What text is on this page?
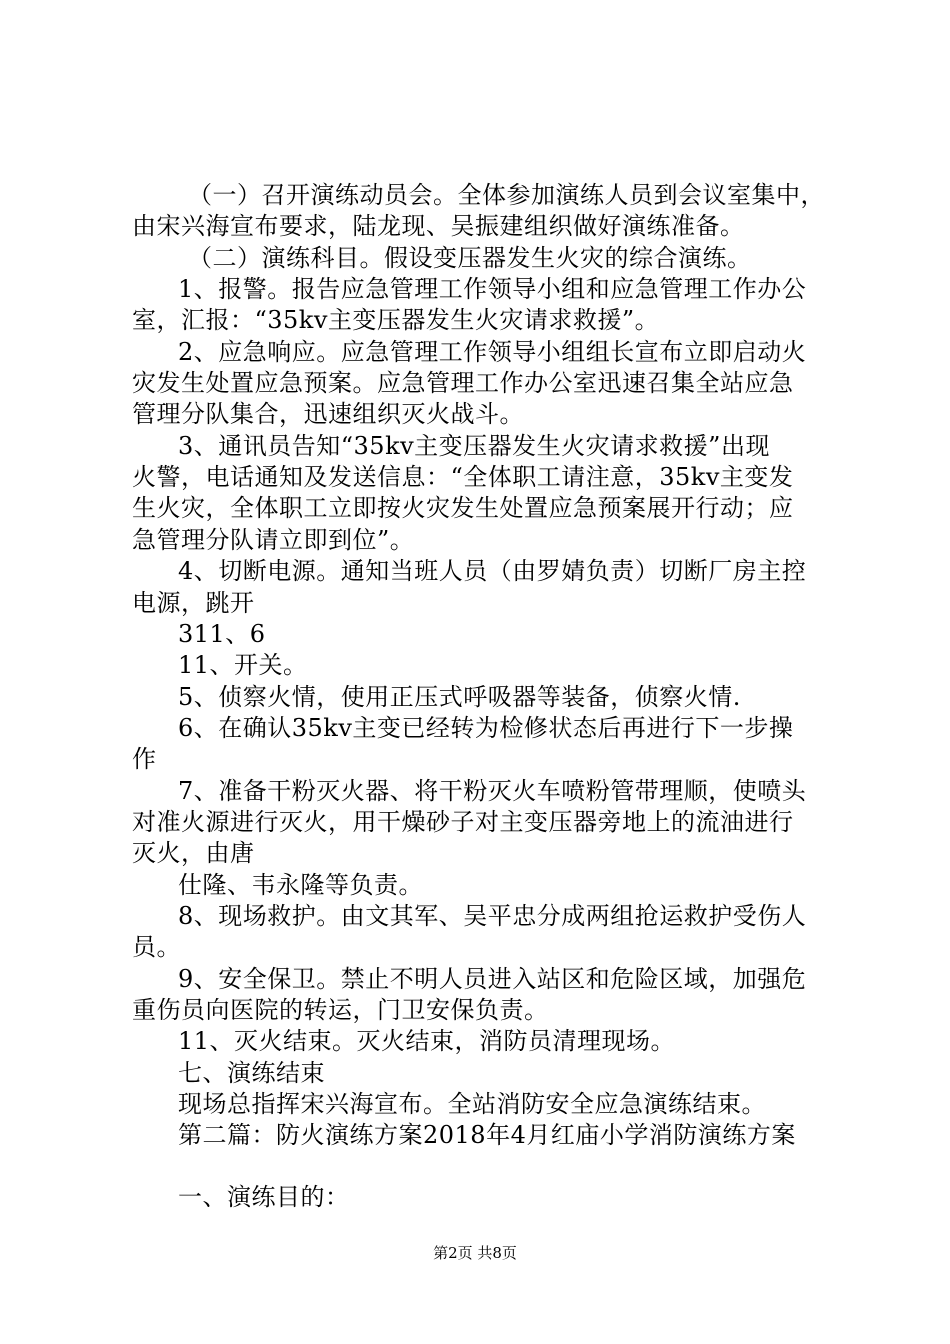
（一）召开演练动员会。全体参加演练人员到会议室集中，
由宋兴海宣布要求，陆龙现、吴振建组织做好演练准备。
（二）演练科目。假设变压器发生火灾的综合演练。
1、报警。报告应急管理工作领导小组和应急管理工作办公
室，汇报：“35kv主变压器发生火灾请求救援”。
2、应急响应。应急管理工作领导小组组长宣布立即启动火
灾发生处置应急预案。应急管理工作办公室迅速召集全站应急
管理分队集合，迅速组织灭火战斗。
3、通讯员告知“35kv主变压器发生火灾请求救援”出现
火警，电话通知及发送信息：“全体职工请注意，35kv主变发
生火灾，全体职工立即按火灾发生处置应急预案展开行动；应
急管理分队请立即到位”。
4、切断电源。通知当班人员（由罗婧负责）切断厂房主控
电源，跳开
311、6
11、开关。
5、侦察火情，使用正压式呼吸器等装备，侦察火情.
6、在确认35kv主变已经转为检修状态后再进行下一步操
作
7、准备干粉灭火器、将干粉灭火车喷粉管带理顺，使喷头
对准火源进行灭火，用干燥砂子对主变压器旁地上的流油进行
灭火，由唐
仕隆、韦永隆等负责。
8、现场救护。由文其军、吴平忠分成两组抢运救护受伤人
员。
9、安全保卫。禁止不明人员进入站区和危险区域，加强危
重伤员向医院的转运，门卫安保负责。
11、灭火结束。灭火结束，消防员清理现场。
七、演练结束
现场总指挥宋兴海宣布。全站消防安全应急演练结束。
第二篇：防火演练方案2018年4月红庙小学消防演练方案
一、演练目的：
第2页 共8页
